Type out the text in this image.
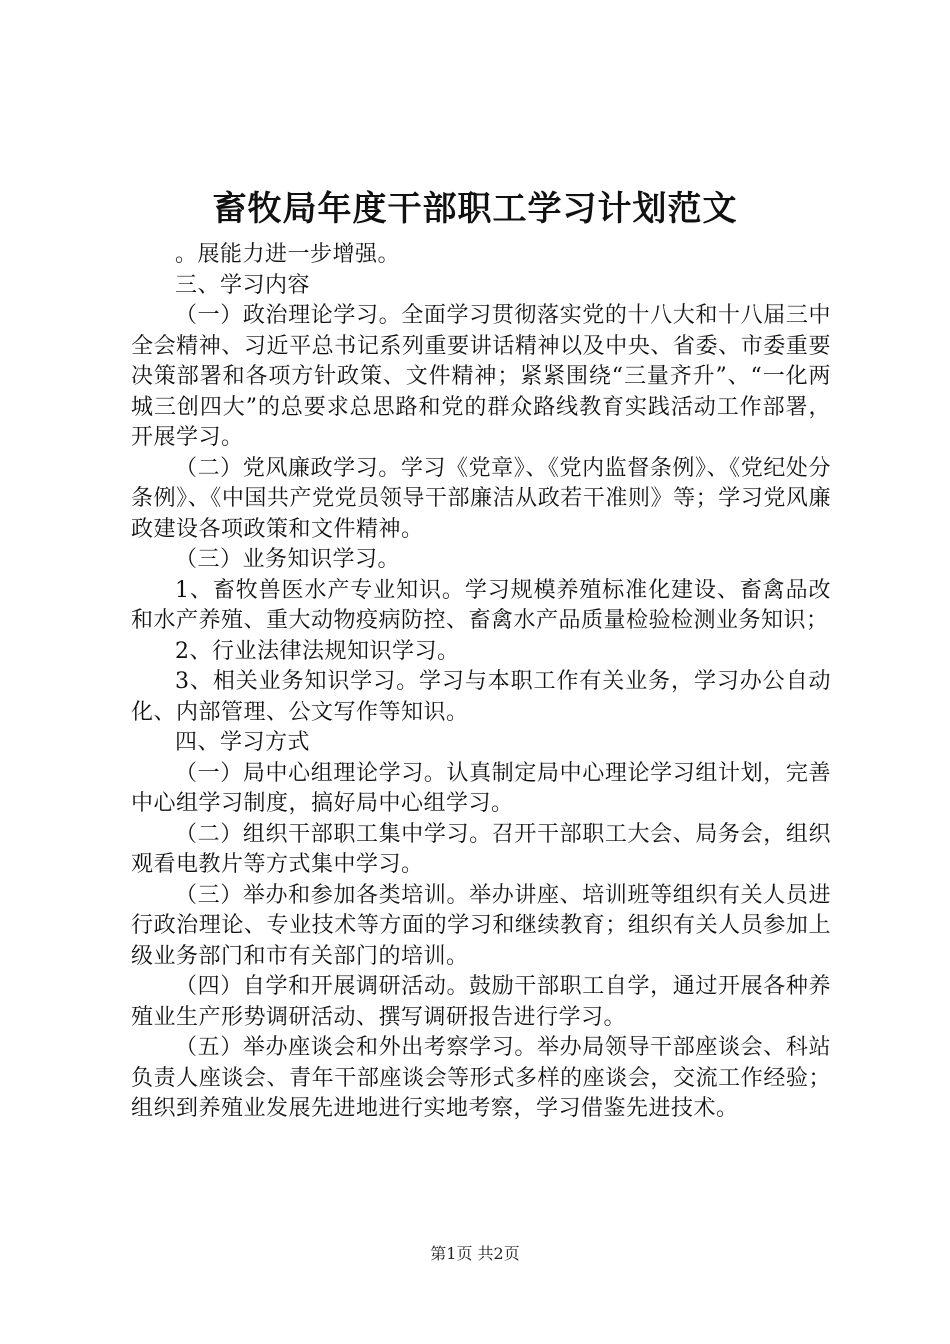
畜牧局年度干部职工学习计划范文

。展能力进一步增强。

三、学习内容

（一）政治理论学习。全面学习贯彻落实党的十八大和十八届三中全会精神、习近平总书记系列重要讲话精神以及中央、省委、市委重要决策部署和各项方针政策、文件精神；紧紧围绕“三量齐升”、“一化两城三创四大”的总要求总思路和党的群众路线教育实践活动工作部署，开展学习。

（二）党风廉政学习。学习《党章》、《党内监督条例》、《党纪处分条例》、《中国共产党党员领导干部廉洁从政若干准则》等；学习党风廉政建设各项政策和文件精神。

（三）业务知识学习。

1、畜牧兽医水产专业知识。学习规模养殖标准化建设、畜禽品改和水产养殖、重大动物疫病防控、畜禽水产品质量检验检测业务知识；

2、行业法律法规知识学习。

3、相关业务知识学习。学习与本职工作有关业务，学习办公自动化、内部管理、公文写作等知识。

四、学习方式

（一）局中心组理论学习。认真制定局中心理论学习组计划，完善中心组学习制度，搞好局中心组学习。

（二）组织干部职工集中学习。召开干部职工大会、局务会，组织观看电教片等方式集中学习。

（三）举办和参加各类培训。举办讲座、培训班等组织有关人员进行政治理论、专业技术等方面的学习和继续教育；组织有关人员参加上级业务部门和市有关部门的培训。

（四）自学和开展调研活动。鼓励干部职工自学，通过开展各种养殖业生产形势调研活动、撰写调研报告进行学习。

（五）举办座谈会和外出考察学习。举办局领导干部座谈会、科站负责人座谈会、青年干部座谈会等形式多样的座谈会，交流工作经验；组织到养殖业发展先进地进行实地考察，学习借鉴先进技术。

第1页 共2页
